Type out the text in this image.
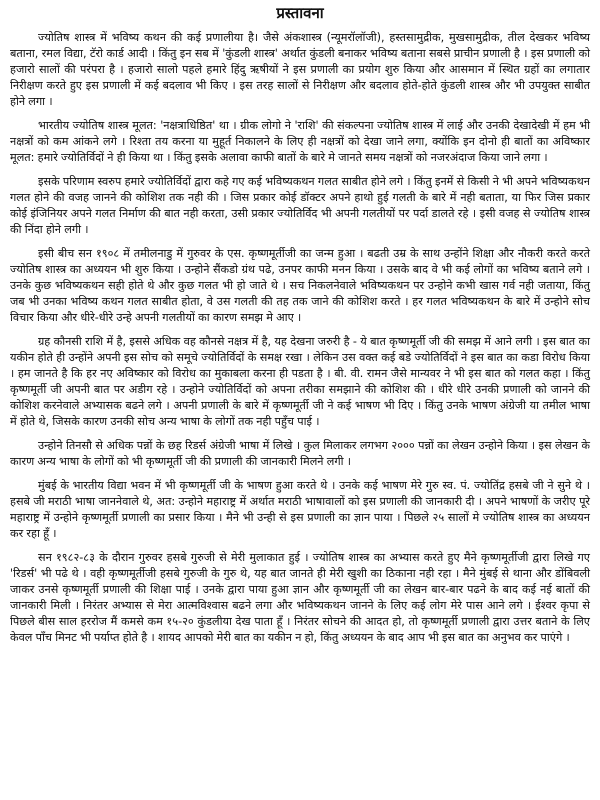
प्रस्तावना

ज्योतिष शास्त्र में भविष्य कथन की कई प्रणालीया है। जैसे अंकशास्त्र (न्यूमरॉलॉजी), हस्तसामुद्रीक, मुखसामुद्रीक, तील देखकर भविष्य बताना, रमल विद्या, टॅरो कार्ड आदी । किंतु इन सब में 'कुंडली शास्त्र' अर्थात कुंडली बनाकर भविष्य बताना सबसे प्राचीन प्रणाली है । इस प्रणाली को हजारो सालों की परंपरा है । हजारो सालो पहले हमारे हिंदु ऋषीयों ने इस प्रणाली का प्रयोग शुरु किया और आसमान में स्थित ग्रहों का लगातार निरीक्षण करते हुए इस प्रणाली में कई बदलाव भी किए । इस तरह सालों से निरीक्षण और बदलाव होते-होते कुंडली शास्त्र और भी उपयुक्त साबीत होने लगा ।

भारतीय ज्योतिष शास्त्र मूलत: 'नक्षत्राधिष्ठित' था । ग्रीक लोगो ने 'राशि' की संकल्पना ज्योतिष शास्त्र में लाई और उनकी देखादेखी में हम भी नक्षत्रों को कम आंकने लगे । रिश्ता तय करना या मुहूर्त निकालने के लिए ही नक्षत्रों को देखा जाने लगा, क्योंकि इन दोनो ही बातों का अविष्कार मूलत: हमारे ज्योतिर्विदों ने ही किया था । किंतु इसके अलावा काफी बातों के बारे मे जानते समय नक्षत्रों को नजरअंदाज किया जाने लगा ।

इसके परिणाम स्वरुप हमारे ज्योतिर्विदों द्वारा कहे गए कई भविष्यकथन गलत साबीत होने लगे । किंतु इनमें से किसी ने भी अपने भविष्यकथन गलत होने की वजह जानने की कोशिश तक नही की । जिस प्रकार कोई डॉक्टर अपने हाथो हुई गलती के बारे में नही बताता, या फिर जिस प्रकार कोई इंजिनियर अपने गलत निर्माण की बात नही करता, उसी प्रकार ज्योतिर्विद भी अपनी गलतीयों पर पर्दा डालते रहे । इसी वजह से ज्योतिष शास्त्र की निंदा होने लगी ।

इसी बीच सन १९०८ में तमीलनाडु में गुरुवर के एस. कृष्णमूर्तीजी का जन्म हुआ । बढती उम्र के साथ उन्होंने शिक्षा और नौकरी करते करते ज्योतिष शास्त्र का अध्ययन भी शुरु किया । उन्होने सैंकडो ग्रंथ पढे, उनपर काफी मनन किया । उसके बाद वे भी कई लोगों का भविष्य बताने लगे । उनके कुछ भविष्यकथन सही होते थे और कुछ गलत भी हो जाते थे । सच निकलनेवाले भविष्यकथन पर उन्होने कभी खास गर्व नही जताया, किंतु जब भी उनका भविष्य कथन गलत साबीत होता, वे उस गलती की तह तक जाने की कोशिश करते । हर गलत भविष्यकथन के बारे में उन्होने सोच विचार किया और धीरे-धीरे उन्हे अपनी गलतीयों का कारण समझ मे आए ।

ग्रह कौनसी राशि में है, इससे अधिक वह कौनसे नक्षत्र में है, यह देखना जरुरी है - ये बात कृष्णमूर्ती जी की समझ में आने लगी । इस बात का यकीन होते ही उन्होंने अपनी इस सोच को समूचे ज्योतिर्विदों के समक्ष रखा । लेकिन उस वक्त कई बडे ज्योतिर्विदों ने इस बात का कडा विरोध किया । हम जानते है कि हर नए अविष्कार को विरोध का मुकाबला करना ही पडता है । बी. वी. रामन जैसे मान्यवर ने भी इस बात को गलत कहा । किंतु कृष्णमूर्ती जी अपनी बात पर अडीग रहे । उन्होने ज्योतिर्विदों को अपना तरीका समझाने की कोशिश की । धीरे धीरे उनकी प्रणाली को जानने की कोशिश करनेवाले अभ्यासक बढने लगे । अपनी प्रणाली के बारे में कृष्णमूर्ती जी ने कई भाषण भी दिए । किंतु उनके भाषण अंग्रेजी या तमील भाषा में होते थे, जिसके कारण उनकी सोच अन्य भाषा के लोगों तक नही पहुँच पाई ।

उन्होने तिनसौ से अधिक पन्नों के छह रिडर्स अंग्रेजी भाषा में लिखे । कुल मिलाकर लगभग २००० पन्नों का लेखन उन्होने किया । इस लेखन के कारण अन्य भाषा के लोगों को भी कृष्णमूर्ती जी की प्रणाली की जानकारी मिलने लगी ।

मुंबई के भारतीय विद्या भवन में भी कृष्णमूर्ती जी के भाषण हुआ करते थे । उनके कई भाषण मेरे गुरु स्व. पं. ज्योतिंद्र हसबे जी ने सुने थे । हसबे जी मराठी भाषा जाननेवाले थे, अत: उन्होने महाराष्ट्र में अर्थात मराठी भाषावालों को इस प्रणाली की जानकारी दी । अपने भाषणों के जरीए पूरे महाराष्ट्र में उन्होने कृष्णमूर्ती प्रणाली का प्रसार किया । मैने भी उन्ही से इस प्रणाली का ज्ञान पाया । पिछले २५ सालों मे ज्योतिष शास्त्र का अध्ययन कर रहा हूँ ।

सन १९८२-८३ के दौरान गुरुवर हसबे गुरुजी से मेरी मुलाकात हुई । ज्योतिष शास्त्र का अभ्यास करते हुए मैने कृष्णमूर्तीजी द्वारा लिखे गए 'रिडर्स' भी पढे थे । वही कृष्णमूर्तीजी हसबे गुरुजी के गुरु थे, यह बात जानते ही मेरी खुशी का ठिकाना नही रहा । मैने मुंबई से थाना और डोंबिवली जाकर उनसे कृष्णमूर्ती प्रणाली की शिक्षा पाई । उनके द्वारा पाया हुआ ज्ञान और कृष्णमूर्ती जी का लेखन बार-बार पढने के बाद कई नई बातों की जानकारी मिली । निरंतर अभ्यास से मेरा आत्मविश्वास बढने लगा और भविष्यकथन जानने के लिए कई लोग मेरे पास आने लगे । ईश्वर कृपा से पिछले बीस साल हररोज मैं कमसे कम १५-२० कुंडलीया देख पाता हूँ । निरंतर सोचने की आदत हो, तो कृष्णमूर्ती प्रणाली द्वारा उत्तर बताने के लिए केवल पाँच मिनट भी पर्याप्त होते है । शायद आपको मेरी बात का यकीन न हो, किंतु अध्ययन के बाद आप भी इस बात का अनुभव कर पाएंगे ।
